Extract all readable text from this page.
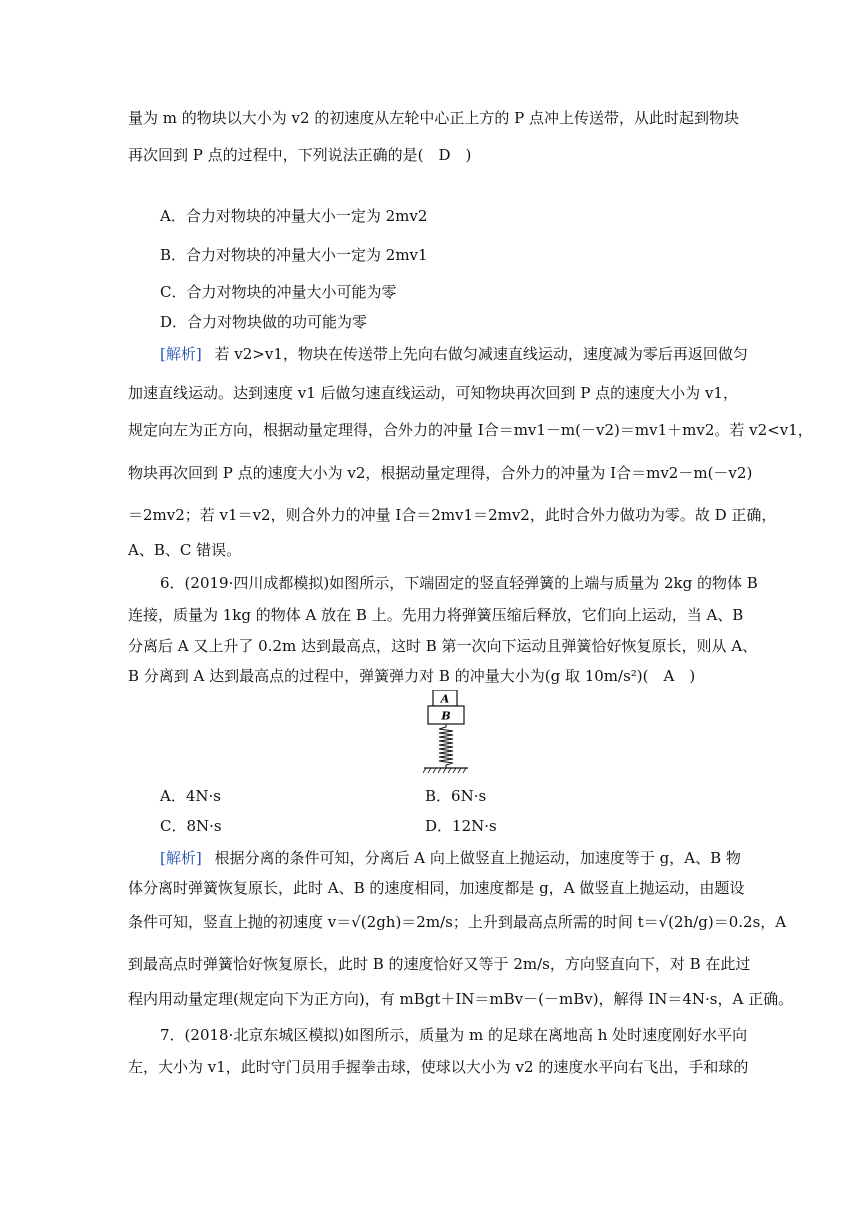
量为 m 的物块以大小为 v2 的初速度从左轮中心正上方的 P 点冲上传送带，从此时起到物块
再次回到 P 点的过程中，下列说法正确的是(　D　)
A．合力对物块的冲量大小一定为 2mv2
B．合力对物块的冲量大小一定为 2mv1
C．合力对物块的冲量大小可能为零
D．合力对物块做的功可能为零
[解析] 若 v2>v1，物块在传送带上先向右做匀减速直线运动，速度减为零后再返回做匀
加速直线运动。达到速度 v1 后做匀速直线运动，可知物块再次回到 P 点的速度大小为 v1，
规定向左为正方向，根据动量定理得，合外力的冲量 I合＝mv1－m(－v2)＝mv1＋mv2。若 v2<v1，
物块再次回到 P 点的速度大小为 v2，根据动量定理得，合外力的冲量为 I合＝mv2－m(－v2)
＝2mv2；若 v1＝v2，则合外力的冲量 I合＝2mv1＝2mv2，此时合外力做功为零。故 D 正确，
A、B、C 错误。
6．(2019·四川成都模拟)如图所示，下端固定的竖直轻弹簧的上端与质量为 2kg 的物体 B
连接，质量为 1kg 的物体 A 放在 B 上。先用力将弹簧压缩后释放，它们向上运动，当 A、B
分离后 A 又上升了 0.2m 达到最高点，这时 B 第一次向下运动且弹簧恰好恢复原长，则从 A、
B 分离到 A 达到最高点的过程中，弹簧弹力对 B 的冲量大小为(g 取 10m/s²)(　A　)
A
B
A．4N·s	B．6N·s
C．8N·s	D．12N·s
[解析] 根据分离的条件可知，分离后 A 向上做竖直上抛运动，加速度等于 g，A、B 物
体分离时弹簧恢复原长，此时 A、B 的速度相同，加速度都是 g，A 做竖直上抛运动，由题设
条件可知，竖直上抛的初速度 v＝√(2gh)＝2m/s；上升到最高点所需的时间 t＝√(2h/g)＝0.2s，A
到最高点时弹簧恰好恢复原长，此时 B 的速度恰好又等于 2m/s，方向竖直向下，对 B 在此过
程内用动量定理(规定向下为正方向)，有 mBgt＋IN＝mBv－(－mBv)，解得 IN＝4N·s，A 正确。
7．(2018·北京东城区模拟)如图所示，质量为 m 的足球在离地高 h 处时速度刚好水平向
左，大小为 v1，此时守门员用手握拳击球，使球以大小为 v2 的速度水平向右飞出，手和球的
